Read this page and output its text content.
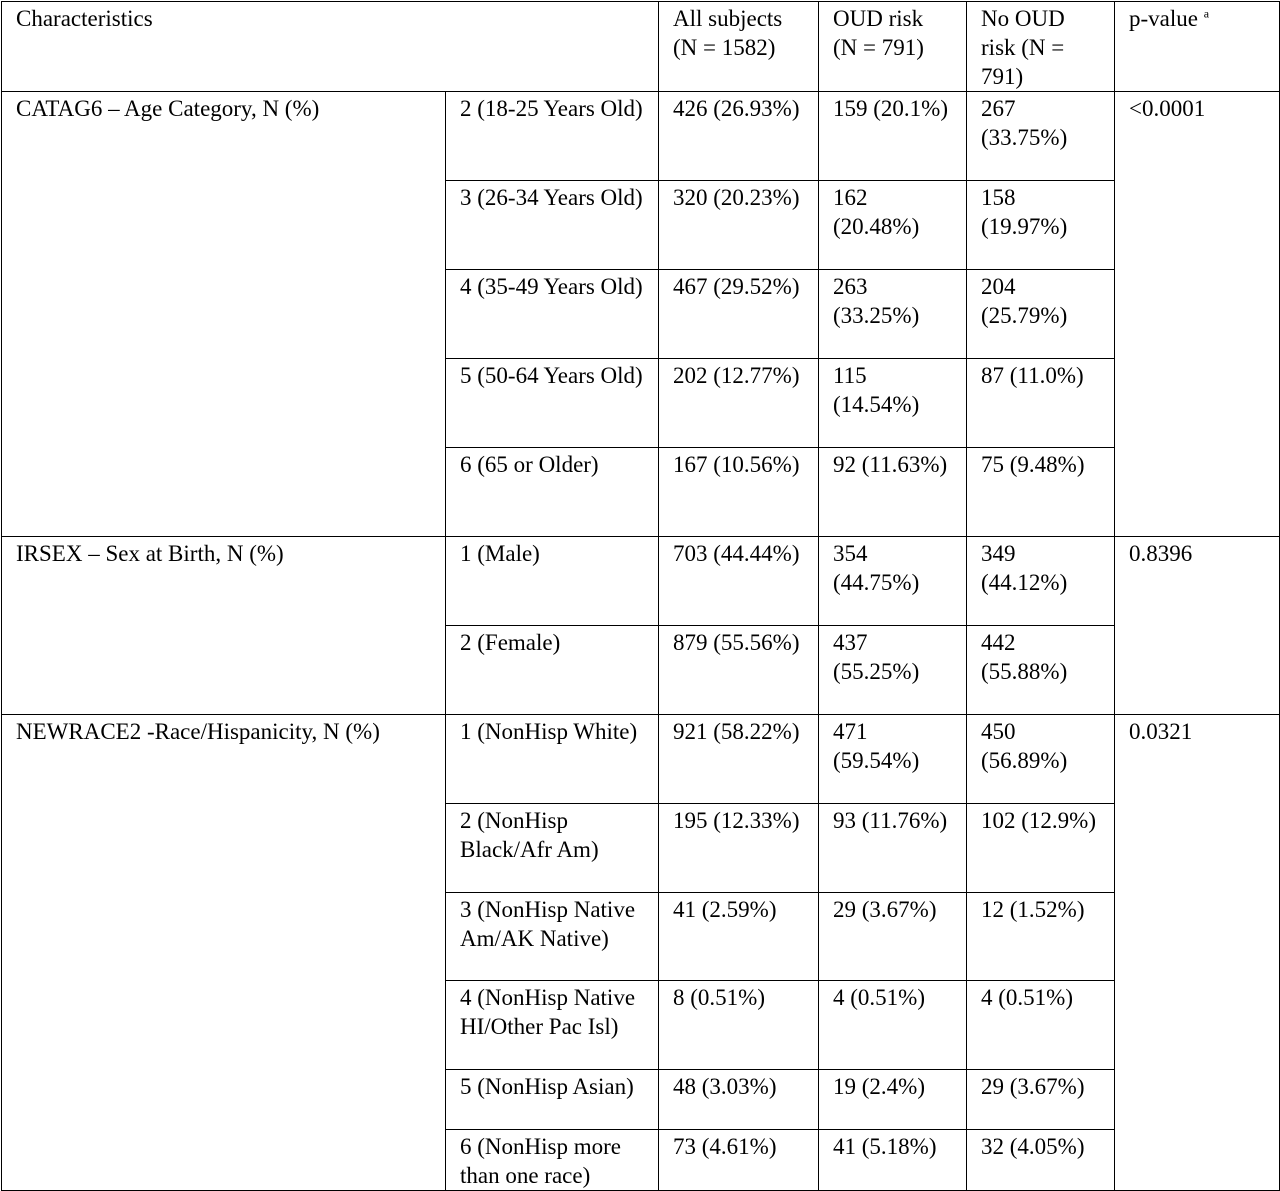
Characteristics		All subjects (N = 1582)	OUD risk (N = 791)	No OUD risk (N = 791)	p-value $^a$
CATAG6 – Age Category, N (%)	2 (18-25 Years Old)	426 (26.93%)	159 (20.1%)	267 (33.75%)	<0.0001
	3 (26-34 Years Old)	320 (20.23%)	162 (20.48%)	158 (19.97%)	
	4 (35-49 Years Old)	467 (29.52%)	263 (33.25%)	204 (25.79%)	
	5 (50-64 Years Old)	202 (12.77%)	115 (14.54%)	87 (11.0%)	
	6 (65 or Older)	167 (10.56%)	92 (11.63%)	75 (9.48%)	
IRSEX – Sex at Birth, N (%)	1 (Male)	703 (44.44%)	354 (44.75%)	349 (44.12%)	0.8396
	2 (Female)	879 (55.56%)	437 (55.25%)	442 (55.88%)	
NEWRACE2 -Race/Hispanicity, N (%)	1 (NonHisp White)	921 (58.22%)	471 (59.54%)	450 (56.89%)	0.0321
	2 (NonHisp Black/Afr Am)	195 (12.33%)	93 (11.76%)	102 (12.9%)	
	3 (NonHisp Native Am/AK Native)	41 (2.59%)	29 (3.67%)	12 (1.52%)	
	4 (NonHisp Native HI/Other Pac Isl)	8 (0.51%)	4 (0.51%)	4 (0.51%)	
	5 (NonHisp Asian)	48 (3.03%)	19 (2.4%)	29 (3.67%)	
	6 (NonHisp more than one race)	73 (4.61%)	41 (5.18%)	32 (4.05%)	
